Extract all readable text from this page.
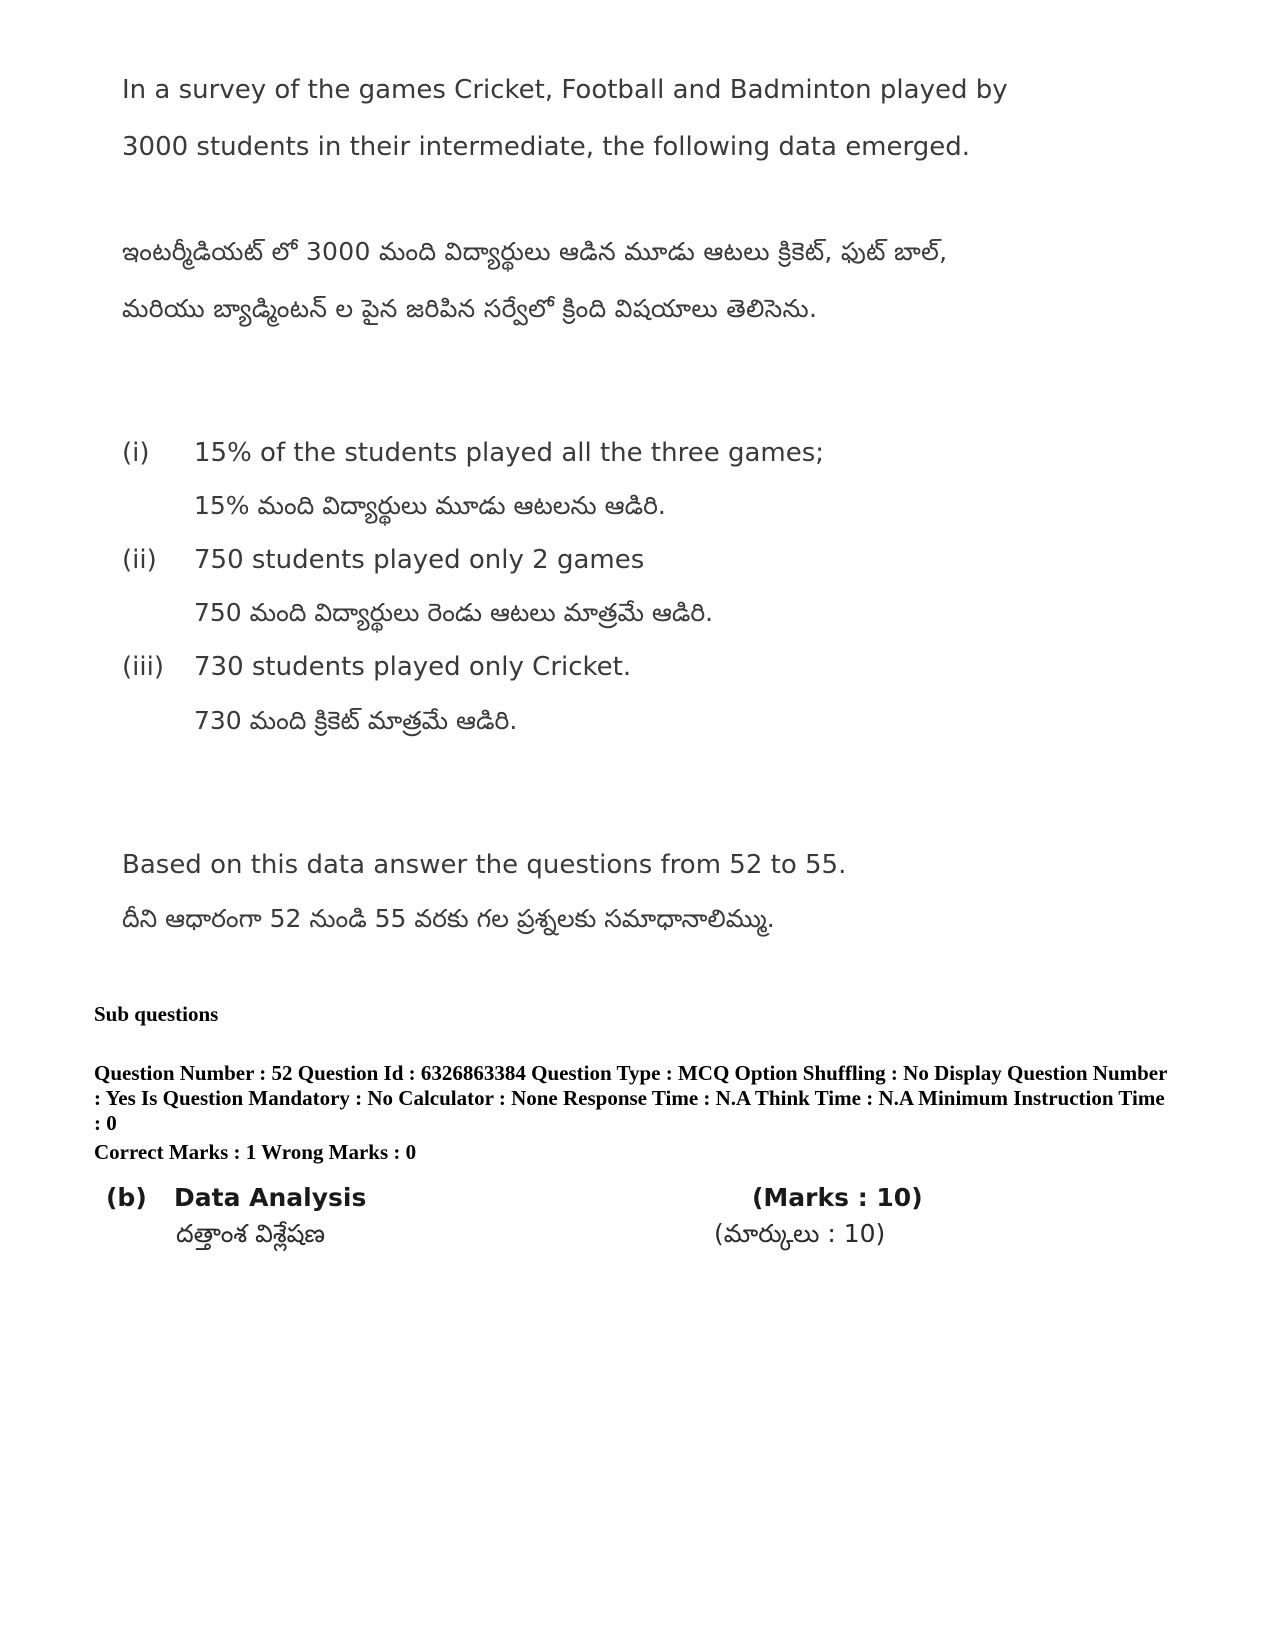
In a survey of the games Cricket, Football and Badminton played by 3000 students in their intermediate, the following data emerged.
ఇంటర్మీడియట్ లో 3000 మంది విద్యార్థులు ఆడిన మూడు ఆటలు క్రికెట్, ఫుట్ బాల్, మరియు బ్యాడ్మింటన్ ల పైన జరిపిన సర్వేలో క్రింది విషయాలు తెలిసెను.
(i) 15% of the students played all the three games;
15% మంది విద్యార్థులు మూడు ఆటలను ఆడిరి.
(ii) 750 students played only 2 games
750 మంది విద్యార్థులు రెండు ఆటలు మాత్రమే ఆడిరి.
(iii) 730 students played only Cricket.
730 మంది క్రికెట్ మాత్రమే ఆడిరి.
Based on this data answer the questions from 52 to 55.
దీని ఆధారంగా 52 నుండి 55 వరకు గల ప్రశ్నలకు సమాధానాలిమ్ము.
Sub questions
Question Number : 52 Question Id : 6326863384 Question Type : MCQ Option Shuffling : No Display Question Number : Yes Is Question Mandatory : No Calculator : None Response Time : N.A Think Time : N.A Minimum Instruction Time : 0
Correct Marks : 1 Wrong Marks : 0
(b) Data Analysis	(Marks : 10)
దత్తాంశ విశ్లేషణ	(మార్కులు : 10)
